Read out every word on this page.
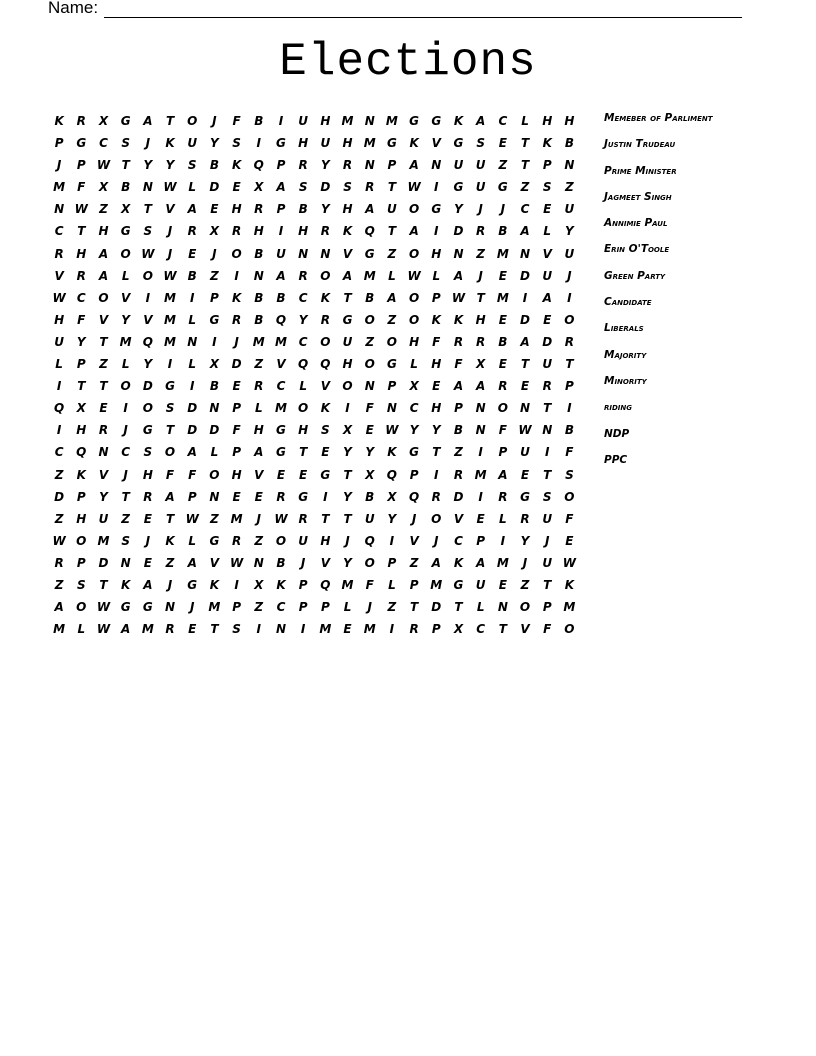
Name:
Elections
K	R	X	G	A	T	O	J	F	B	I	U	H M N M G	G	K	A	C	L	H	H
P	G	C	S	J	K	U	Y	S	I	G	H	U	H M G	K	V	G	S	E	T	K	B
J	P W T	Y	Y	S	B	K	Q	P	R	Y	R	N	P	A	N	U	U	Z	T	P	N
M	F	X	B	N W L	D	E	X	A	S	D	S	R	T W	I	G	U	G	Z	S	Z
N W Z	X	T	V	A	E	H	R	P	B	Y	H	A	U	O	G	Y	J	J	C	E	U
C	T	H	G	S	J	R	X	R	H	I	H	R	K	Q	T	A	I	D	R	B	A	L	Y
R	H	A	O W	J	E	J	O	B	U	N	N	V	G	Z	O	H	N	Z M N	V	U
V	R	A	L	O W B	Z	I	N	A	R	O	A M	L W L	A	J	E	D	U	J
W C	O	V	I	M	I	P	K	B	B	C	K	T	B	A	O	P W T	M	I	A	I
H	F	V	Y	V M	L	G	R	B	Q	Y	R	G	O	Z	O	K	K	H	E	D	E	O
U	Y	T	M Q M N	I	J	M M C	O	U	Z	O	H	F	R	R	B	A	D	R
L	P	Z	L	Y	I	L	X	D	Z	V	Q Q	H	O	G	L	H	F	X	E	T	U	T
I	T	T	O	D	G	I	B	E	R	C	L	V	O	N	P	X	E	A	A	R	E	R	P
Q	X	E	I	O	S	D	N	P	L	M O	K	I	F	N	C	H	P	N	O	N	T	I
I	H	R	J	G	T	D	D	F	H	G	H	S	X	E W Y	Y	B	N	F W N	B
C	Q	N	C	S	O	A	L	P	A	G	T	E	Y	Y	K	G	T	Z	I	P	U	I	F
Z	K	V	J	H	F	F	O	H	V	E	E	G	T	X	Q	P	I	R M A	E	T	S
D	P	Y	T	R	A	P	N	E	E	R	G	I	Y	B	X	Q	R	D	I	R	G	S	O
Z	H	U	Z	E	T W Z M	J	W R	T	T	U	Y	J	O	V	E	L	R	U	F
W O M S	J	K	L	G	R	Z	O	U	H	J	Q	I	V	J	C	P	I	Y	J	E
R	P	D	N	E	Z	A	V W N	B	J	V	Y	O	P	Z	A	K	A M	J	U W
Z	S	T	K	A	J	G	K	I	X	K	P	Q M	F	L	P M G	U	E	Z	T	K
A	O W G	G	N	J	M P	Z	C	P	P	L	J	Z	T	D	T	L	N	O	P M
M	L W A M R	E	T	S	I	N	I	M	E	M	I	R	P	X	C	T	V	F	O
Memeber of Parliment
Justin Trudeau
Prime Minister
Jagmeet Singh
Annimie Paul
Erin O'Toole
Green Party
Candidate
Liberals
Majority
Minority
riding
NDP
PPC
